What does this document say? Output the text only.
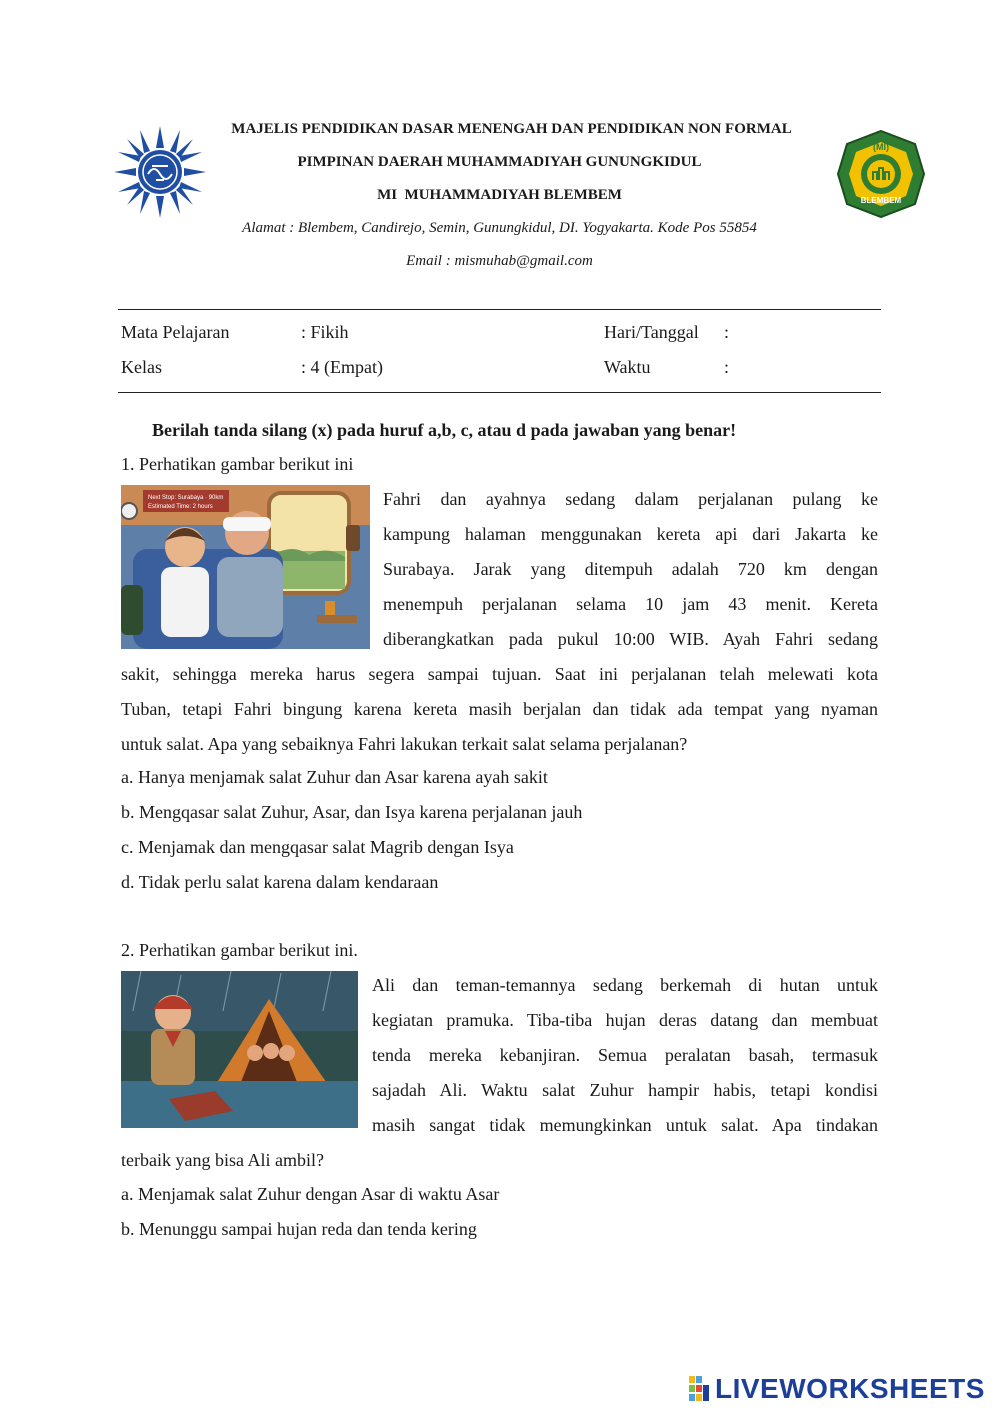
(MI)
BLEMBEM
MAJELIS PENDIDIKAN DASAR MENENGAH DAN PENDIDIKAN NON FORMAL
PIMPINAN DAERAH MUHAMMADIYAH GUNUNGKIDUL
MI  MUHAMMADIYAH BLEMBEM
Alamat : Blembem, Candirejo, Semin, Gunungkidul, DI. Yogyakarta. Kode Pos 55854
Email : mismuhab@gmail.com
Mata Pelajaran	: Fikih	Hari/Tanggal :
Kelas	: 4 (Empat)	Waktu	:
Berilah tanda silang (x) pada huruf a,b, c, atau d pada jawaban yang benar!
1. Perhatikan gambar berikut ini
Next Stop: Surabaya · 90km
Estimated Time: 2 hours	Fahri dan ayahnya sedang dalam perjalanan pulang ke
kampung halaman menggunakan kereta api dari Jakarta ke
Surabaya. Jarak yang ditempuh adalah 720 km dengan
menempuh perjalanan selama 10 jam 43 menit. Kereta
diberangkatkan pada pukul 10:00 WIB. Ayah Fahri sedang
sakit, sehingga mereka harus segera sampai tujuan. Saat ini perjalanan telah melewati kota
Tuban, tetapi Fahri bingung karena kereta masih berjalan dan tidak ada tempat yang nyaman
untuk salat. Apa yang sebaiknya Fahri lakukan terkait salat selama perjalanan?
a. Hanya menjamak salat Zuhur dan Asar karena ayah sakit
b. Mengqasar salat Zuhur, Asar, dan Isya karena perjalanan jauh
c. Menjamak dan mengqasar salat Magrib dengan Isya
d. Tidak perlu salat karena dalam kendaraan
2. Perhatikan gambar berikut ini.
Ali dan teman-temannya sedang berkemah di hutan untuk
kegiatan pramuka. Tiba-tiba hujan deras datang dan membuat
tenda mereka kebanjiran. Semua peralatan basah, termasuk
sajadah Ali. Waktu salat Zuhur hampir habis, tetapi kondisi
masih sangat tidak memungkinkan untuk salat. Apa tindakan
terbaik yang bisa Ali ambil?
a. Menjamak salat Zuhur dengan Asar di waktu Asar
b. Menunggu sampai hujan reda dan tenda kering
LIVEWORKSHEETS
